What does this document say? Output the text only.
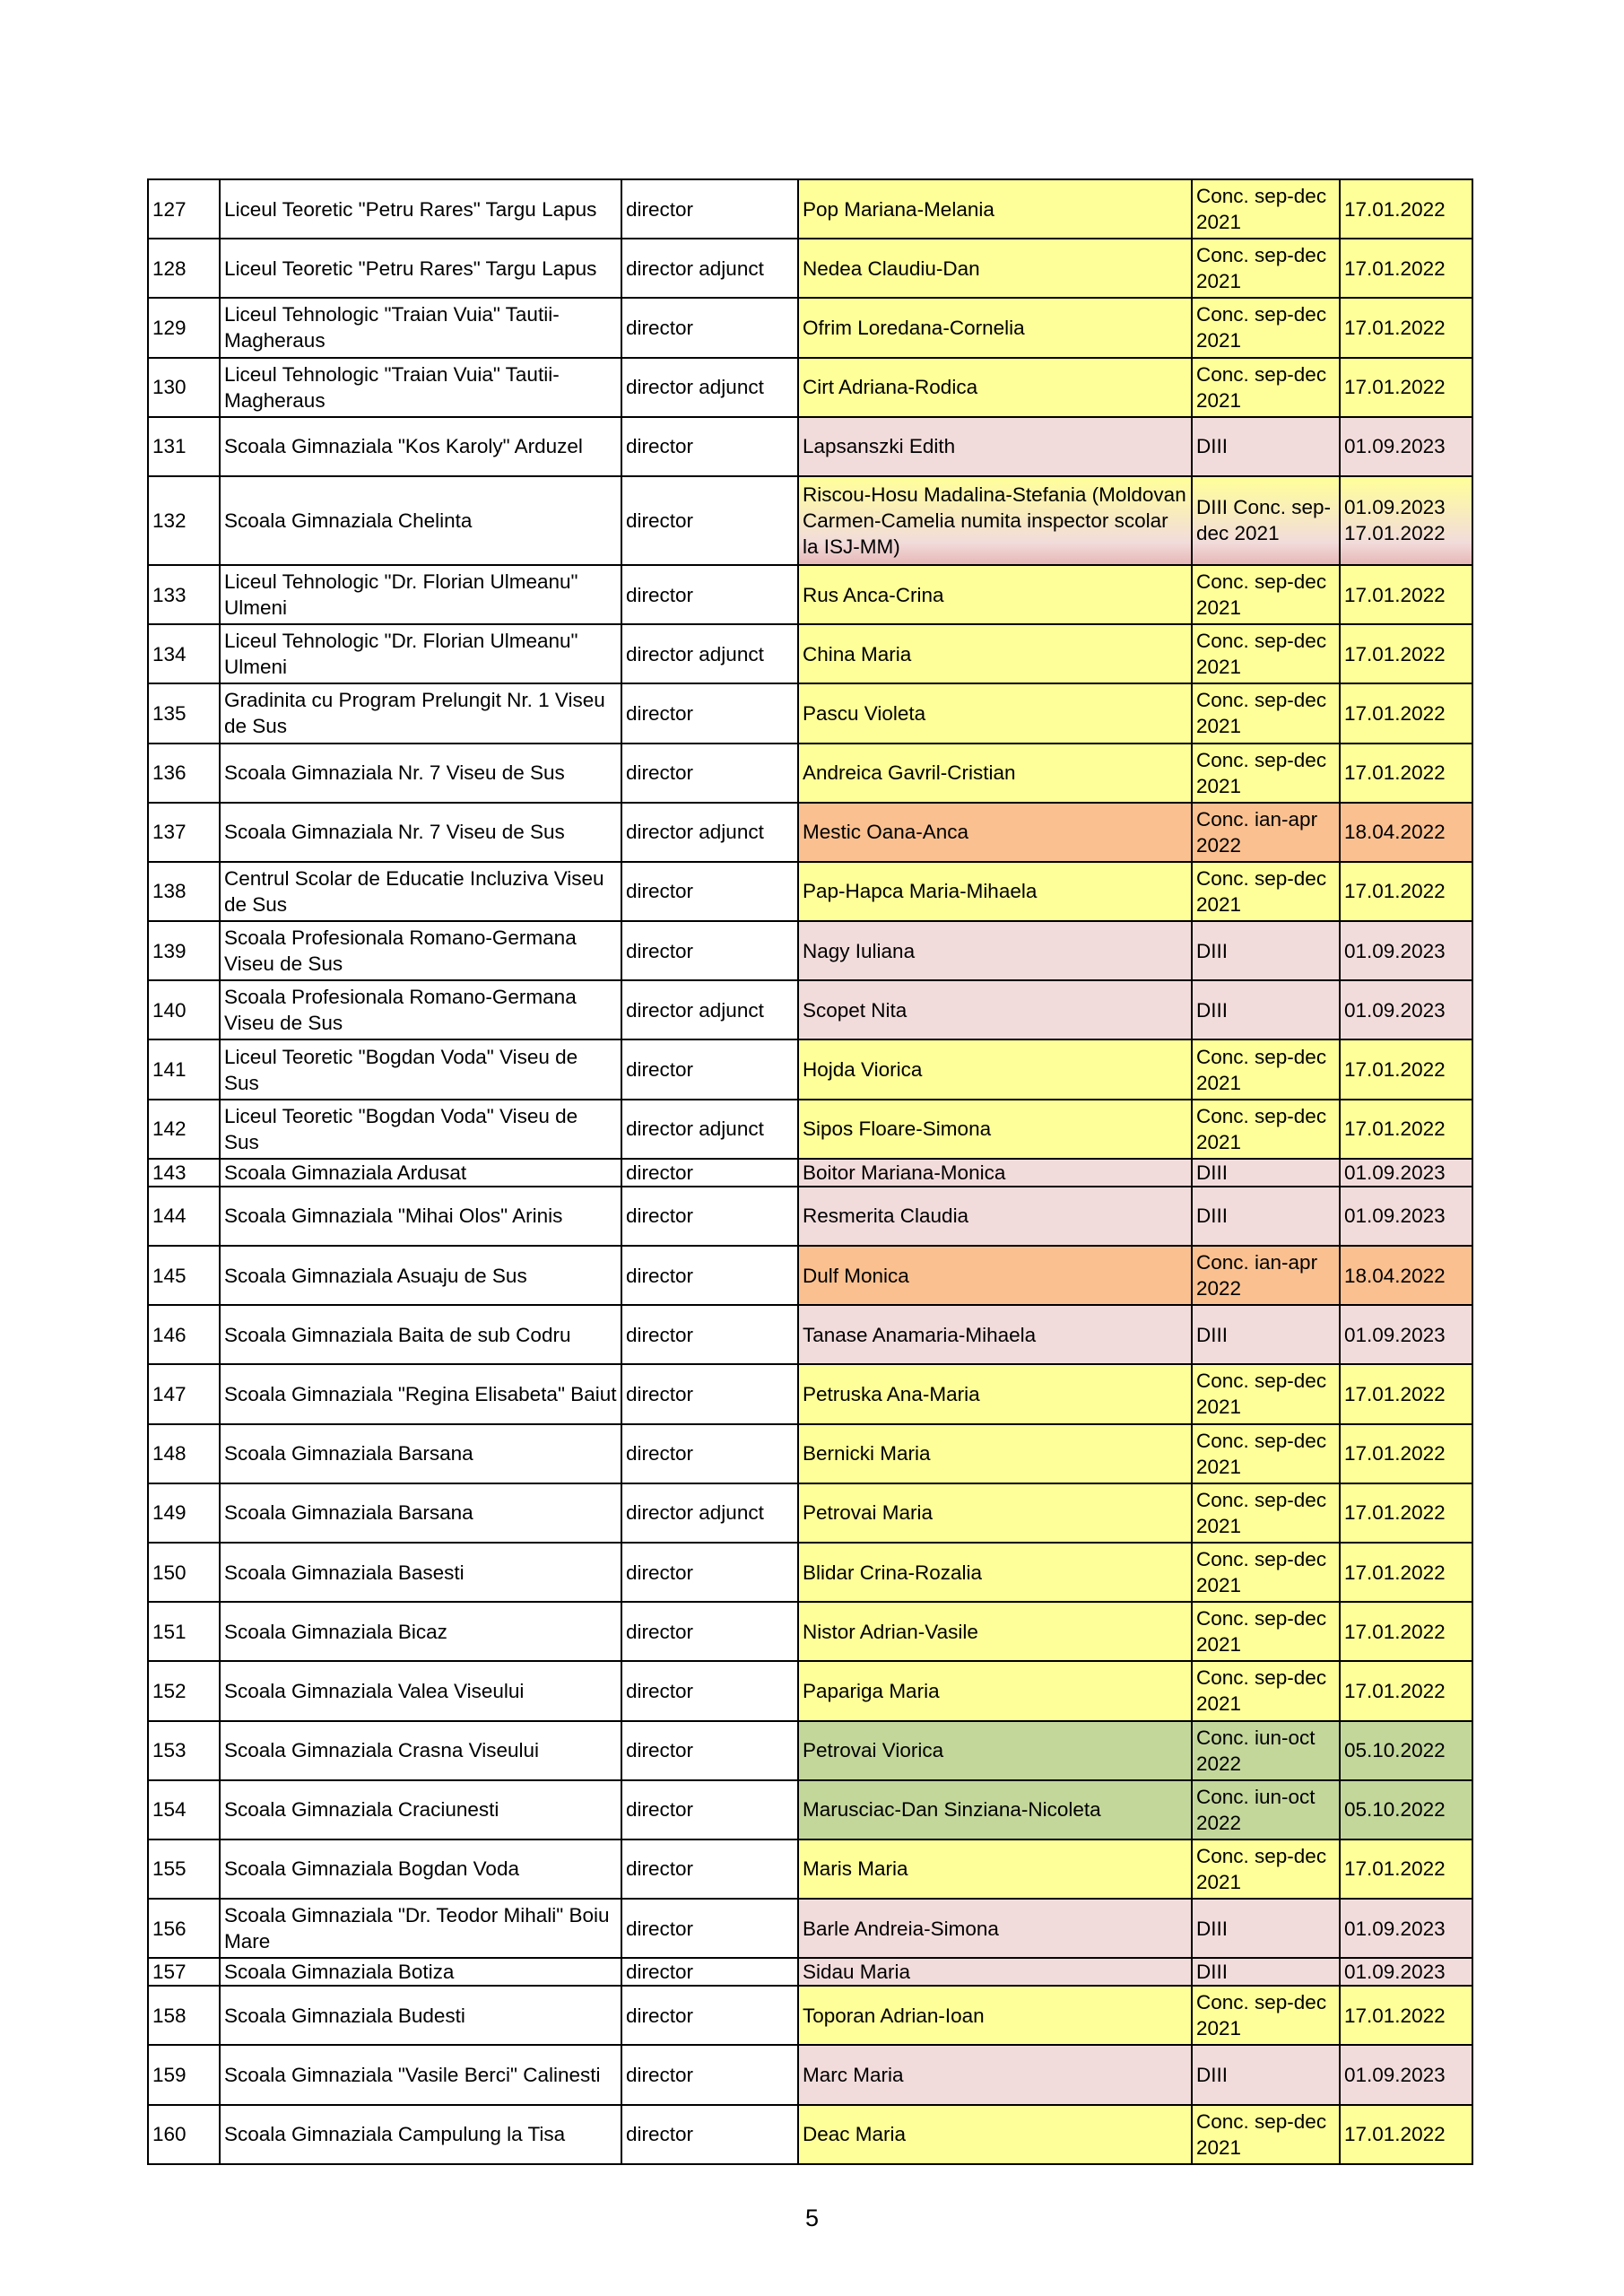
127	Liceul Teoretic "Petru Rares" Targu Lapus	director	Pop Mariana-Melania	Conc. sep-dec 2021	17.01.2022
128	Liceul Teoretic "Petru Rares" Targu Lapus	director adjunct	Nedea Claudiu-Dan	Conc. sep-dec 2021	17.01.2022
129	Liceul Tehnologic "Traian Vuia" Tautii-Magheraus	director	Ofrim Loredana-Cornelia	Conc. sep-dec 2021	17.01.2022
130	Liceul Tehnologic "Traian Vuia" Tautii-Magheraus	director adjunct	Cirt Adriana-Rodica	Conc. sep-dec 2021	17.01.2022
131	Scoala Gimnaziala "Kos Karoly" Arduzel	director	Lapsanszki Edith	DIII	01.09.2023
132	Scoala Gimnaziala Chelinta	director	Riscou-Hosu Madalina-Stefania (Moldovan Carmen-Camelia numita inspector scolar la ISJ-MM)	DIII Conc. sep-dec 2021	01.09.2023 17.01.2022
133	Liceul Tehnologic "Dr. Florian Ulmeanu" Ulmeni	director	Rus Anca-Crina	Conc. sep-dec 2021	17.01.2022
134	Liceul Tehnologic "Dr. Florian Ulmeanu" Ulmeni	director adjunct	China Maria	Conc. sep-dec 2021	17.01.2022
135	Gradinita cu Program Prelungit Nr. 1 Viseu de Sus	director	Pascu Violeta	Conc. sep-dec 2021	17.01.2022
136	Scoala Gimnaziala Nr. 7 Viseu de Sus	director	Andreica Gavril-Cristian	Conc. sep-dec 2021	17.01.2022
137	Scoala Gimnaziala Nr. 7 Viseu de Sus	director adjunct	Mestic Oana-Anca	Conc. ian-apr 2022	18.04.2022
138	Centrul Scolar de Educatie Incluziva Viseu de Sus	director	Pap-Hapca Maria-Mihaela	Conc. sep-dec 2021	17.01.2022
139	Scoala Profesionala Romano-Germana Viseu de Sus	director	Nagy Iuliana	DIII	01.09.2023
140	Scoala Profesionala Romano-Germana Viseu de Sus	director adjunct	Scopet Nita	DIII	01.09.2023
141	Liceul Teoretic "Bogdan Voda" Viseu de Sus	director	Hojda Viorica	Conc. sep-dec 2021	17.01.2022
142	Liceul Teoretic "Bogdan Voda" Viseu de Sus	director adjunct	Sipos Floare-Simona	Conc. sep-dec 2021	17.01.2022
143	Scoala Gimnaziala Ardusat	director	Boitor Mariana-Monica	DIII	01.09.2023
144	Scoala Gimnaziala "Mihai Olos" Arinis	director	Resmerita Claudia	DIII	01.09.2023
145	Scoala Gimnaziala Asuaju de Sus	director	Dulf Monica	Conc. ian-apr 2022	18.04.2022
146	Scoala Gimnaziala Baita de sub Codru	director	Tanase Anamaria-Mihaela	DIII	01.09.2023
147	Scoala Gimnaziala "Regina Elisabeta" Baiut	director	Petruska Ana-Maria	Conc. sep-dec 2021	17.01.2022
148	Scoala Gimnaziala Barsana	director	Bernicki Maria	Conc. sep-dec 2021	17.01.2022
149	Scoala Gimnaziala Barsana	director adjunct	Petrovai Maria	Conc. sep-dec 2021	17.01.2022
150	Scoala Gimnaziala Basesti	director	Blidar Crina-Rozalia	Conc. sep-dec 2021	17.01.2022
151	Scoala Gimnaziala Bicaz	director	Nistor Adrian-Vasile	Conc. sep-dec 2021	17.01.2022
152	Scoala Gimnaziala Valea Viseului	director	Papariga Maria	Conc. sep-dec 2021	17.01.2022
153	Scoala Gimnaziala Crasna Viseului	director	Petrovai Viorica	Conc. iun-oct 2022	05.10.2022
154	Scoala Gimnaziala Craciunesti	director	Marusciac-Dan Sinziana-Nicoleta	Conc. iun-oct 2022	05.10.2022
155	Scoala Gimnaziala Bogdan Voda	director	Maris Maria	Conc. sep-dec 2021	17.01.2022
156	Scoala Gimnaziala "Dr. Teodor Mihali" Boiu Mare	director	Barle Andreia-Simona	DIII	01.09.2023
157	Scoala Gimnaziala Botiza	director	Sidau Maria	DIII	01.09.2023
158	Scoala Gimnaziala Budesti	director	Toporan Adrian-Ioan	Conc. sep-dec 2021	17.01.2022
159	Scoala Gimnaziala "Vasile Berci" Calinesti	director	Marc Maria	DIII	01.09.2023
160	Scoala Gimnaziala Campulung la Tisa	director	Deac Maria	Conc. sep-dec 2021	17.01.2022
5
